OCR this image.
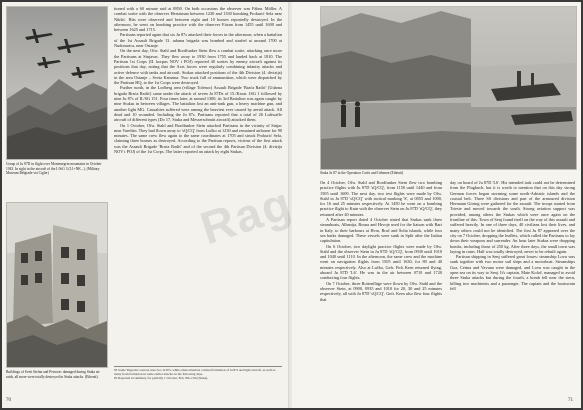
Group of Ju 87D in flight over Montenegrin mountains in October 1943. In sight in the aircraft of the I./StG 3 (L1+NK...). (Military Museum Belgrade via Cigler)
Buildings of Sveti Stefan and Petrovac damaged during Stuka air raids, all more were totally destroyed in Stuka attacks. (Ethenit)

tioned with a 60 minute raid at 0850. On both occasions the observer was Fähnr. Möller. A combat sortie with the observer Hertziman between 1230 and 1330 bombing Prokurić Sela near Nikšić. Hits were observed and between eight and 10 houses reportedly destroyed. In the afternoon, he went on bombing practice with the observer Fitzan from 1455 until 1600 and between 1625 and 1715.

Partisans reported again that six Ju 87s attacked their forces in the afternoon, when a battalion of the 1st Assault Brigade 13. udarna brigada was bombed and strafed at around 1700 at Nudonarica, near Ostanje.

On the next day, Ofw. Stahl and Bordfunker Stein flew a combat sortie, attacking once more the Partisans at Sinjavac. They flew away to 1930 from 1755 and landed back at 1810. The Partisan 1st Corps (II. korpus NOV i POJ) reported 40 sorties by enemy aircraft against its positions that day, noting that the Axis forces were regularly combining infantry attacks and active defence with tanks and aircraft. Stukas attacked positions of the 4th Division (4. divizija) in the area Ostanje – Sveta Katarina. Two truck full of ammunition, which were dispatched by the Partisan HQ, to the 1st Corps were destroyed.

Further north, in the Lodberg area (village Tolenoc) Assault Brigade 'Braća Radić' (Udarna brigada Braća Radić) came under the attack of seven Ju 87Ds of 15./Kroat. JSG 1 followed by nine Ju 87s of II./SG 151. Four times later, at around 1300, its 3rd Battalion was again caught by nine Stukas in between villages. The battalion lost an anti-tank gun, a heavy machine gun, and another light MG. Casualties suffered were among the heaviest ever caused by aerial attack. All dead and 10 wounded. Including the Ju 87s. Partisans reported that a total of 26 Luftwaffe aircraft of different types (Do 17, Stuka and Messerschmitt aircraft) attacked them.

On 1 October, Ofw. Stahl and Bordfunker Stein attacked Partisans in the vicinity of Sinjac near Vareštin. They had flown away to 'sQ/CQ' from Lučko at 1230 and remained airborne for 90 minutes. The same crew flew again to the same coordinates at 1705 and struck Prokurić Sela, claiming three houses as destroyed. According to the Partisan reports, victims of the first attack was the Assault Brigade 'Braća Radić' and of the second the 4th Partisan Division (4. divizija NOV i POJ) of the 1st Corps. The latter reported an attack by eight Stukas.

93 Some Yugoslav sources note two Ju 87s, while others mention a mixed formation of Ju 87s and light aircraft, as well as many from formation in some earlier attacks on the following days.
95 Reported in summary for partially 1 October, Feb. 8th a 5th (Stuka).
70
Stuka Ju 87 in the Operation Corfu and Gehmen (Ethenit)

On 4 October, Ofw. Stahl and Bordfunker Stein flew two bombing practice flights with Ju 87D 'sQ/CQ', from 1150 until 1440 and from 1505 until 1609. The next day, two test flights were made by Ofw. Stahl in Ju 87D 'sQ/CQ' with tactical marking 'S', at 0055 and 1000, for 16 and 25 minutes respectively. At 1450 he went on a bombing practice flight to Knin with the observer Stein on Ju 87D 'sQ/CQ', they returned after 40 minutes.

A Partisan report dated 4 October stated that Stukas sank three steamboats, Albanija, Bosna and Hrvoje used for the liaison with Bari in Italy, to their harbours at Hvar, Brač and Šolta islands, while four sea barks damaged. These vessels were sunk in Split after the Italian capitulation.

On 6 October, two daylight practice flights were made by Ofw. Stahl and the observer Stein in Ju 87D 'sQ/CQ', from 0930 until 1010 and 1040 until 1110. In the afternoon, the same crew and the machine went on navigation flights from 1505 until 1630, for 80 and 40 minutes respectively. Also at Lučko, Gefr. Fich Kern returned flying, aboard Ju 87D 'L6'. He was in the air between 0710 and 1720 conducting four flights.

On 7 October, three Rottenflüge were flown by Ofw. Stahl and the observer Stein, at 0900, 0935 and 1010 for 20, 30 and 25 minutes respectively, all with Ju 87D 'sQ/CQ'. Gefr. Kern also flew four flights that

day on board of Ju 87D 'L6'. His intended task could not be determined from the Flugbuch, but it is worth to mention that on this day strong German forces began storming some north-Adriatic islands and the coastal belt. Three SS divisions and part of the armoured division Hermann Göring were gathered for the assault. The troops started from Trieste and moved towards the south. Strong aviation support was provided, among others the Stukas which were once again on the frontline of this. Town of Senj found itself on the way of this assault and suffered heavily. In one of three days, 40 civilians lost their lives, and many others could not be identified. The first Ju 87 appeared over the city on 7 October, dropping the leaflets, which called the Partisans to lay down their weapons and surrender. An hour later Stukas were dropping bombs, including those of 250 kg. After three days, the small town was laying in ruins. Half was totally destroyed, never to be rebuilt again.

Partisan shipping in Senj suffered great losses: steamship Lovu was sunk together with two motor sail ships and a motorboat. Steamships Goa, Cetina and Vavuna were damaged, and Lovu was caught in the open sea on its way to Senj. It's captain, Mate Kofač, managed to avoid three Stuka attacks but during the fourth, a bomb fell near the stern, killing two machinists and a passenger. The captain and the boatswain fell

71
